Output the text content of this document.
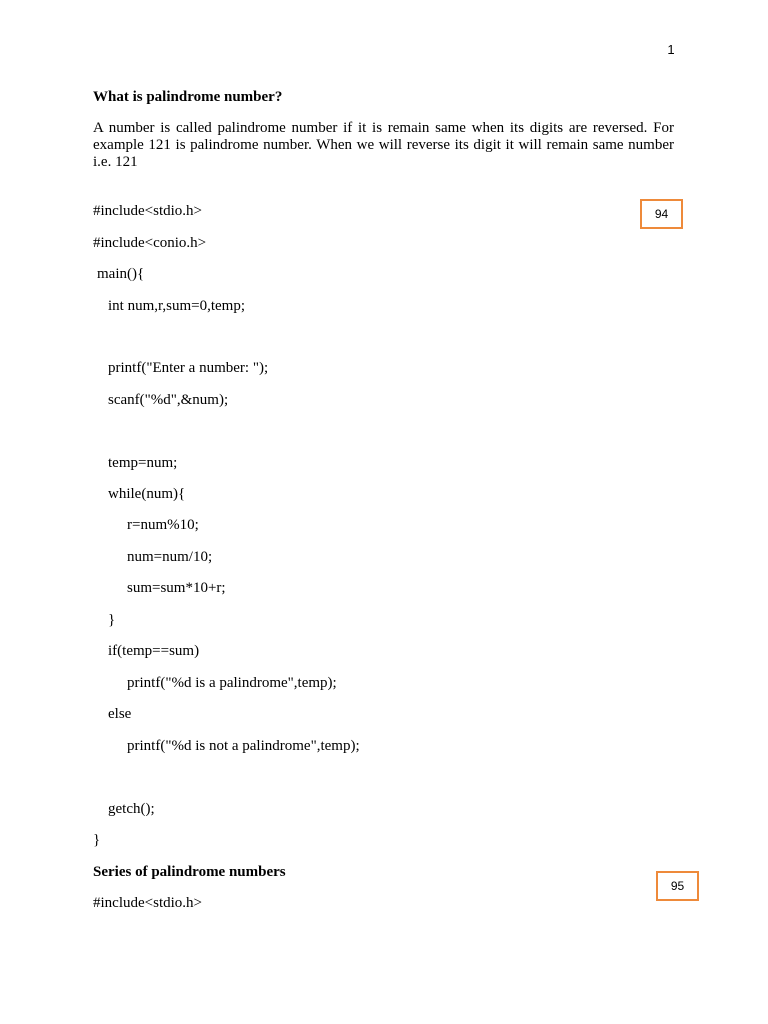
1
What is palindrome number?
A number is called palindrome number if it is remain same when its digits are reversed. For example 121 is palindrome number. When we will reverse its digit it will remain same number i.e. 121
#include<stdio.h>
#include<conio.h>
main(){
int num,r,sum=0,temp;
printf("Enter a number: ");
scanf("%d",&num);
temp=num;
while(num){
r=num%10;
num=num/10;
sum=sum*10+r;
}
if(temp==sum)
printf("%d is a palindrome",temp);
else
printf("%d is not a palindrome",temp);
getch();
}
Series of palindrome numbers
#include<stdio.h>
94
95
